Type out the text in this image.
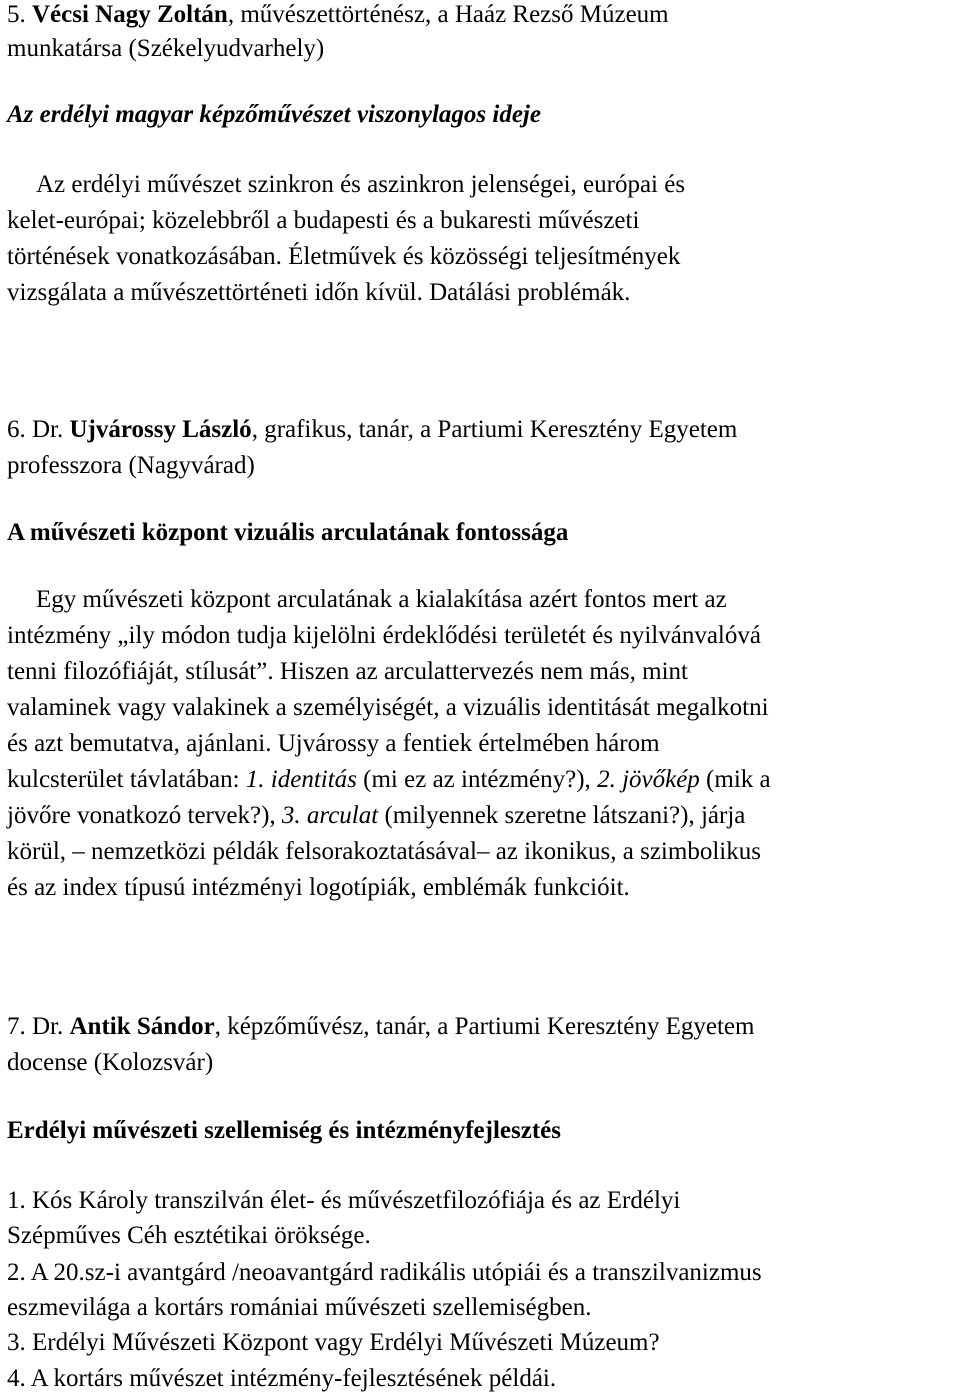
5. Vécsi Nagy Zoltán, művészettörténész, a Haáz Rezső Múzeum
munkatársa (Székelyudvarhely)
Az erdélyi magyar képzőművészet viszonylagos ideje
Az erdélyi művészet szinkron és aszinkron jelenségei, európai és
kelet-európai; közelebbről a budapesti és a bukaresti művészeti
történések vonatkozásában. Életművek és közösségi teljesítmények
vizsgálata a művészettörténeti időn kívül. Datálási problémák.
6. Dr. Ujvárossy László, grafikus, tanár, a Partiumi Keresztény Egyetem
professzora (Nagyvárad)
A művészeti központ vizuális arculatának fontossága
Egy művészeti központ arculatának a kialakítása azért fontos mert az
intézmény „ily módon tudja kijelölni érdeklődési területét és nyilvánvalóvá
tenni filozófiáját, stílusát”. Hiszen az arculattervezés nem más, mint
valaminek vagy valakinek a személyiségét, a vizuális identitását megalkotni
és azt bemutatva, ajánlani. Ujvárossy a fentiek értelmében három
kulcsterület távlatában: 1. identitás (mi ez az intézmény?), 2. jövőkép (mik a
jövőre vonatkozó tervek?), 3. arculat (milyennek szeretne látszani?), járja
körül, – nemzetközi példák felsorakoztatásával– az ikonikus, a szimbolikus
és az index típusú intézményi logotípiák, emblémák funkcióit.
7. Dr. Antik Sándor, képzőművész, tanár, a Partiumi Keresztény Egyetem
docense (Kolozsvár)
Erdélyi művészeti szellemiség és intézményfejlesztés
1. Kós Károly transzilván élet- és művészetfilozófiája és az Erdélyi
Szépműves Céh esztétikai öröksége.
2. A 20.sz-i avantgárd /neoavantgárd radikális utópiái és a transzilvanizmus
eszmevilága a kortárs romániai művészeti szellemiségben.
3. Erdélyi Művészeti Központ vagy Erdélyi Művészeti Múzeum?
4. A kortárs művészet intézmény-fejlesztésének példái.
